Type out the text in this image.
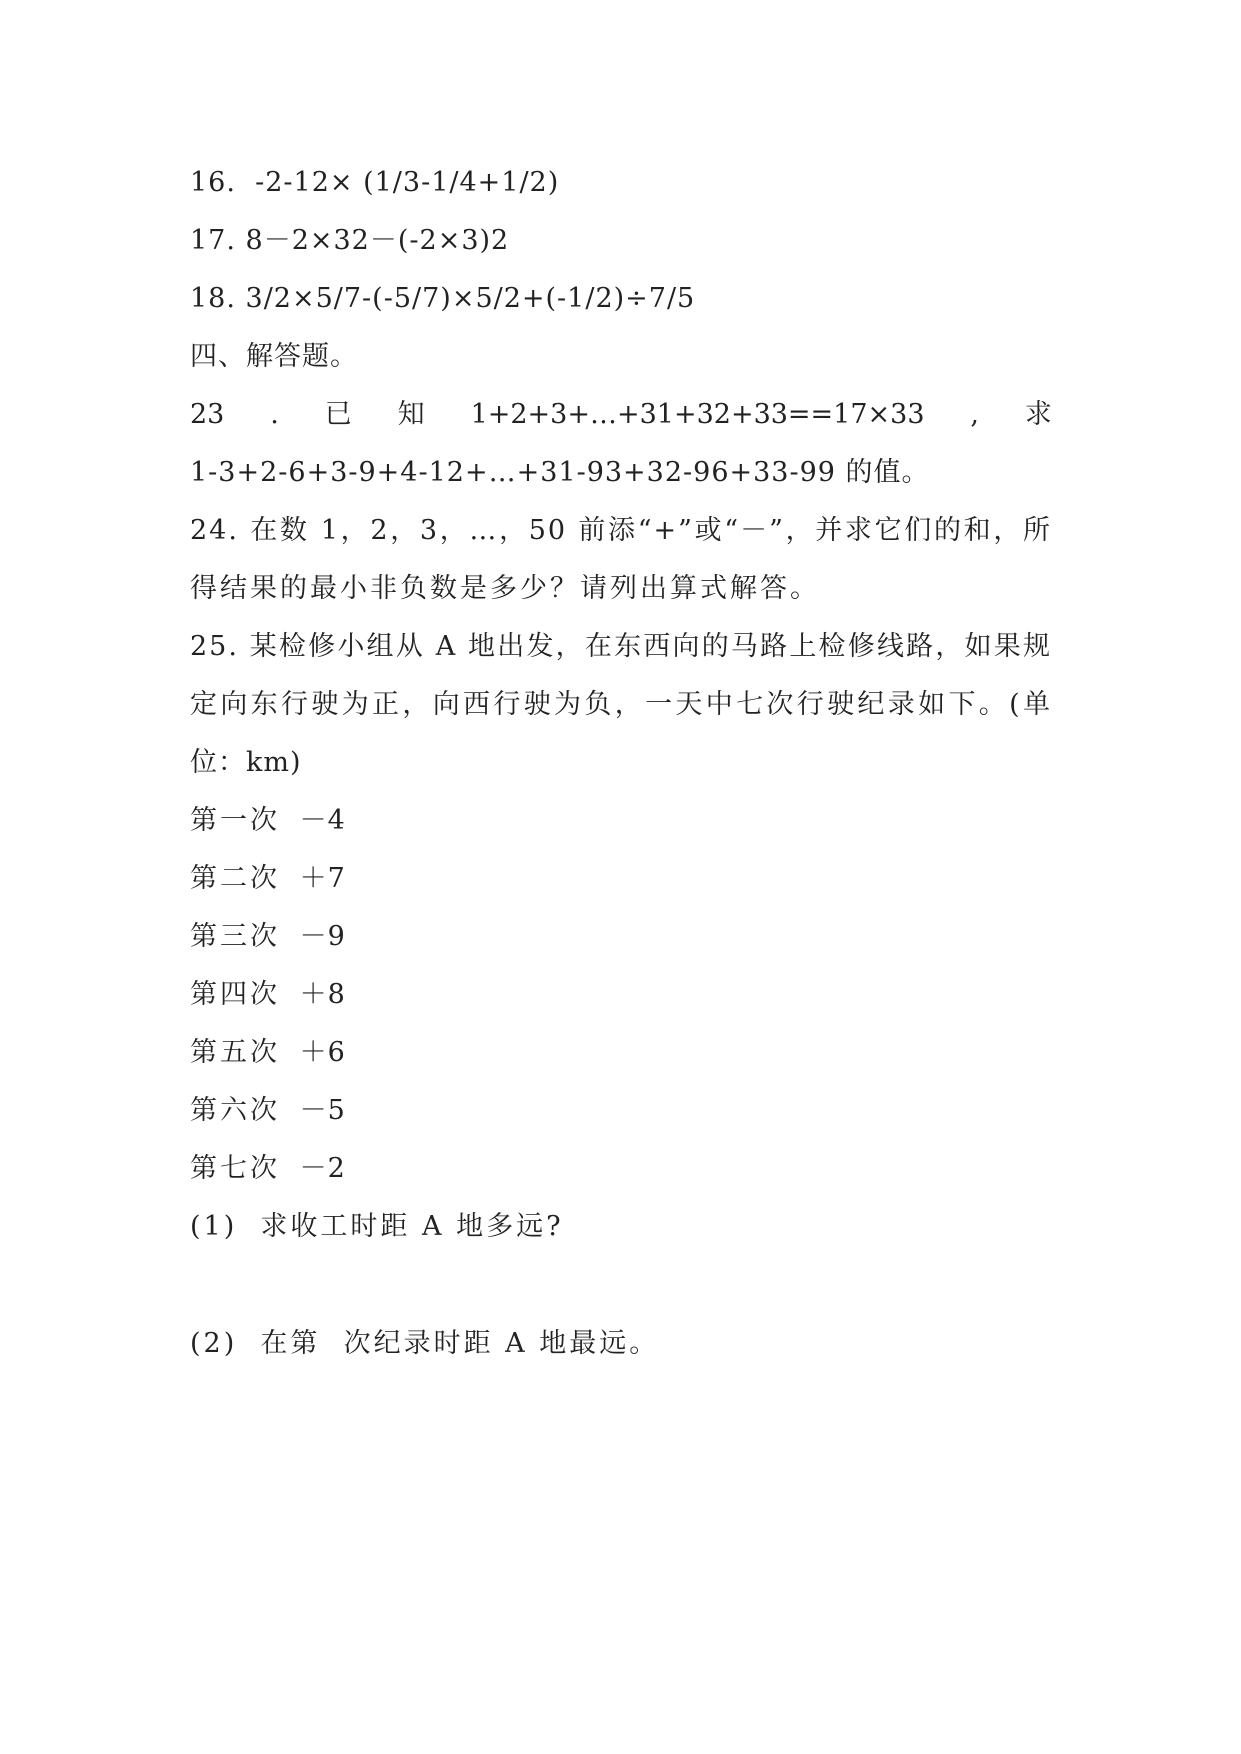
16.  -2-12× (1/3-1/4+1/2)
17. 8－2×32－(-2×3)2
18. 3/2×5/7-(-5/7)×5/2+(-1/2)÷7/5
四、解答题。
23 . 已 知 1+2+3+…+31+32+33==17×33 , 求
1-3+2-6+3-9+4-12+…+31-93+32-96+33-99 的值。
24. 在数 1，2，3，…，50 前添“+”或“－”，并求它们的和，所
得结果的最小非负数是多少？请列出算式解答。
25. 某检修小组从 A 地出发，在东西向的马路上检修线路，如果规
定向东行驶为正，向西行驶为负，一天中七次行驶纪录如下。(单
位：km)
第一次 －4
第二次 ＋7
第三次 －9
第四次 ＋8
第五次 ＋6
第六次 －5
第七次 －2
(1)  求收工时距 A 地多远?
(2)  在第  次纪录时距 A 地最远。
